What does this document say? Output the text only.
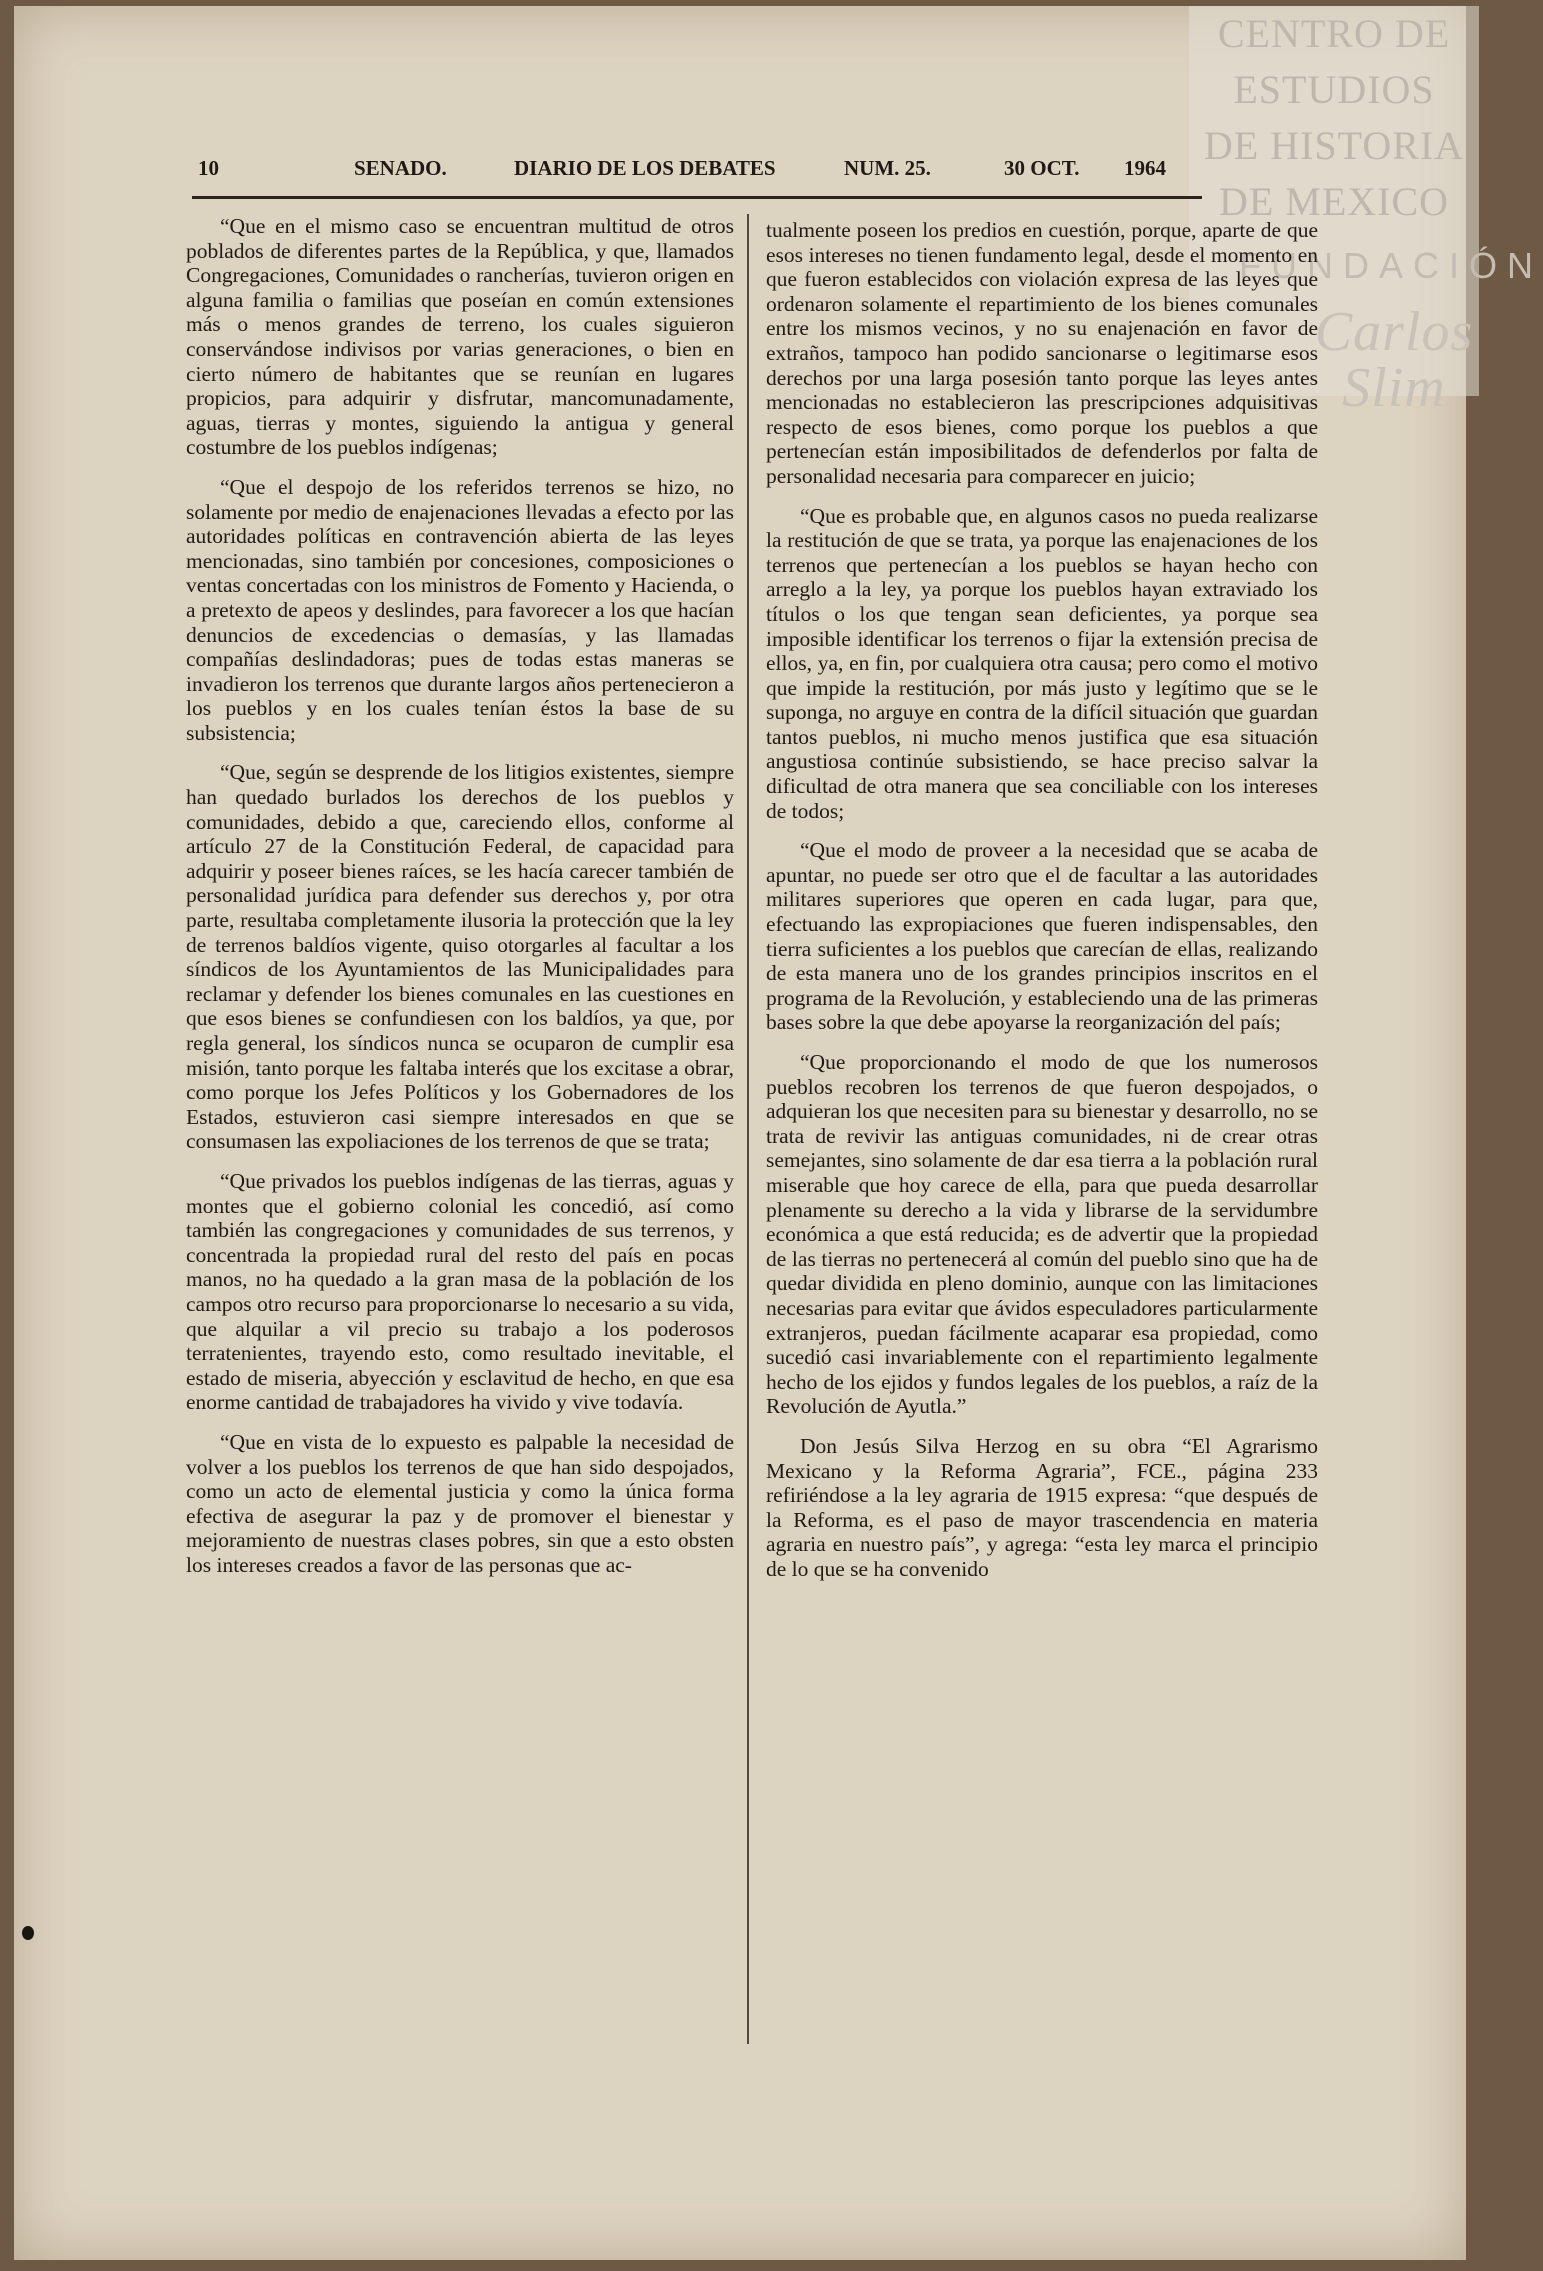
CENTRO DE
ESTUDIOS
DE HISTORIA
DE MEXICO
FUNDACIÓN
Carlos Slim
10	SENADO.	DIARIO DE LOS DEBATES	NUM. 25.	30 OCT. 1964

“Que en el mismo caso se encuentran multitud de otros poblados de diferentes partes de la República, y que, llamados Congregaciones, Comunidades o rancherías, tuvieron origen en alguna familia o familias que poseían en común extensiones más o menos grandes de terreno, los cuales siguieron conservándose indivisos por varias generaciones, o bien en cierto número de habitantes que se reunían en lugares propicios, para adquirir y disfrutar, mancomunadamente, aguas, tierras y montes, siguiendo la antigua y general costumbre de los pueblos indígenas;

“Que el despojo de los referidos terrenos se hizo, no solamente por medio de enajenaciones llevadas a efecto por las autoridades políticas en contravención abierta de las leyes mencionadas, sino también por concesiones, composiciones o ventas concertadas con los ministros de Fomento y Hacienda, o a pretexto de apeos y deslindes, para favorecer a los que hacían denuncios de excedencias o demasías, y las llamadas compañías deslindadoras; pues de todas estas maneras se invadieron los terrenos que durante largos años pertenecieron a los pueblos y en los cuales tenían éstos la base de su subsistencia;

“Que, según se desprende de los litigios existentes, siempre han quedado burlados los derechos de los pueblos y comunidades, debido a que, careciendo ellos, conforme al artículo 27 de la Constitución Federal, de capacidad para adquirir y poseer bienes raíces, se les hacía carecer también de personalidad jurídica para defender sus derechos y, por otra parte, resultaba completamente ilusoria la protección que la ley de terrenos baldíos vigente, quiso otorgarles al facultar a los síndicos de los Ayuntamientos de las Municipalidades para reclamar y defender los bienes comunales en las cuestiones en que esos bienes se confundiesen con los baldíos, ya que, por regla general, los síndicos nunca se ocuparon de cumplir esa misión, tanto porque les faltaba interés que los excitase a obrar, como porque los Jefes Políticos y los Gobernadores de los Estados, estuvieron casi siempre interesados en que se consumasen las expoliaciones de los terrenos de que se trata;

“Que privados los pueblos indígenas de las tierras, aguas y montes que el gobierno colonial les concedió, así como también las congregaciones y comunidades de sus terrenos, y concentrada la propiedad rural del resto del país en pocas manos, no ha quedado a la gran masa de la población de los campos otro recurso para proporcionarse lo necesario a su vida, que alquilar a vil precio su trabajo a los poderosos terratenientes, trayendo esto, como resultado inevitable, el estado de miseria, abyección y esclavitud de hecho, en que esa enorme cantidad de trabajadores ha vivido y vive todavía.

“Que en vista de lo expuesto es palpable la necesidad de volver a los pueblos los terrenos de que han sido despojados, como un acto de elemental justicia y como la única forma efectiva de asegurar la paz y de promover el bienestar y mejoramiento de nuestras clases pobres, sin que a esto obsten los intereses creados a favor de las personas que ac-

tualmente poseen los predios en cuestión, porque, aparte de que esos intereses no tienen fundamento legal, desde el momento en que fueron establecidos con violación expresa de las leyes que ordenaron solamente el repartimiento de los bienes comunales entre los mismos vecinos, y no su enajenación en favor de extraños, tampoco han podido sancionarse o legitimarse esos derechos por una larga posesión tanto porque las leyes antes mencionadas no establecieron las prescripciones adquisitivas respecto de esos bienes, como porque los pueblos a que pertenecían están imposibilitados de defenderlos por falta de personalidad necesaria para comparecer en juicio;

“Que es probable que, en algunos casos no pueda realizarse la restitución de que se trata, ya porque las enajenaciones de los terrenos que pertenecían a los pueblos se hayan hecho con arreglo a la ley, ya porque los pueblos hayan extraviado los títulos o los que tengan sean deficientes, ya porque sea imposible identificar los terrenos o fijar la extensión precisa de ellos, ya, en fin, por cualquiera otra causa; pero como el motivo que impide la restitución, por más justo y legítimo que se le suponga, no arguye en contra de la difícil situación que guardan tantos pueblos, ni mucho menos justifica que esa situación angustiosa continúe subsistiendo, se hace preciso salvar la dificultad de otra manera que sea conciliable con los intereses de todos;

“Que el modo de proveer a la necesidad que se acaba de apuntar, no puede ser otro que el de facultar a las autoridades militares superiores que operen en cada lugar, para que, efectuando las expropiaciones que fueren indispensables, den tierra suficientes a los pueblos que carecían de ellas, realizando de esta manera uno de los grandes principios inscritos en el programa de la Revolución, y estableciendo una de las primeras bases sobre la que debe apoyarse la reorganización del país;

“Que proporcionando el modo de que los numerosos pueblos recobren los terrenos de que fueron despojados, o adquieran los que necesiten para su bienestar y desarrollo, no se trata de revivir las antiguas comunidades, ni de crear otras semejantes, sino solamente de dar esa tierra a la población rural miserable que hoy carece de ella, para que pueda desarrollar plenamente su derecho a la vida y librarse de la servidumbre económica a que está reducida; es de advertir que la propiedad de las tierras no pertenecerá al común del pueblo sino que ha de quedar dividida en pleno dominio, aunque con las limitaciones necesarias para evitar que ávidos especuladores particularmente extranjeros, puedan fácilmente acaparar esa propiedad, como sucedió casi invariablemente con el repartimiento legalmente hecho de los ejidos y fundos legales de los pueblos, a raíz de la Revolución de Ayutla.”

Don Jesús Silva Herzog en su obra “El Agrarismo Mexicano y la Reforma Agraria”, FCE., página 233 refiriéndose a la ley agraria de 1915 expresa: “que después de la Reforma, es el paso de mayor trascendencia en materia agraria en nuestro país”, y agrega: “esta ley marca el principio de lo que se ha convenido
